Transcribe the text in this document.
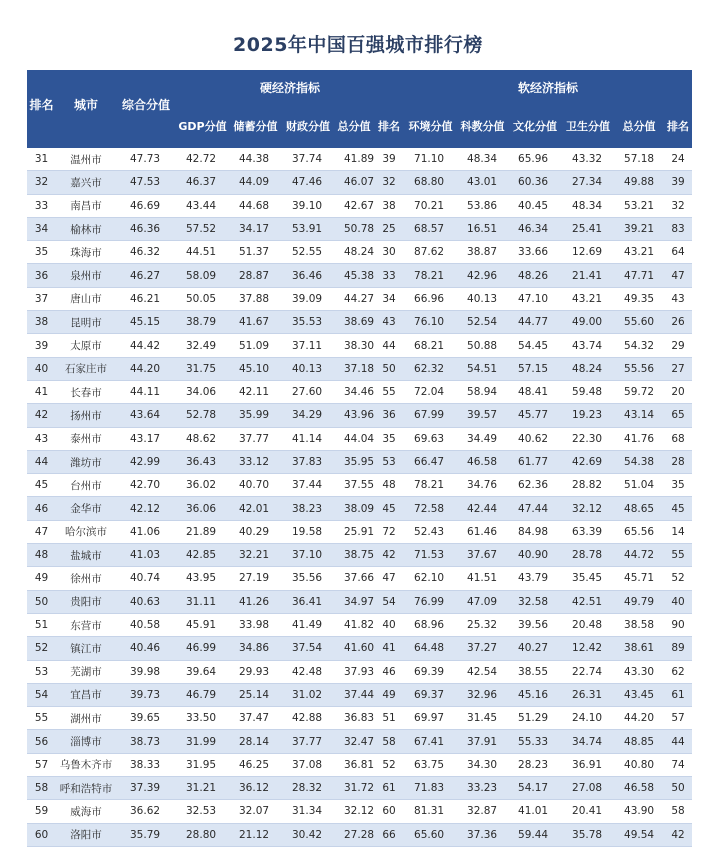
2025年中国百强城市排行榜
排名	城市	综合分值	硬经济指标					软经济指标					
			GDP分值	储蓄分值	财政分值	总分值	排名	环境分值	科教分值	文化分值	卫生分值	总分值	排名
31	温州市	47.73	42.72	44.38	37.74	41.89	39	71.10	48.34	65.96	43.32	57.18	24
32	嘉兴市	47.53	46.37	44.09	47.46	46.07	32	68.80	43.01	60.36	27.34	49.88	39
33	南昌市	46.69	43.44	44.68	39.10	42.67	38	70.21	53.86	40.45	48.34	53.21	32
34	榆林市	46.36	57.52	34.17	53.91	50.78	25	68.57	16.51	46.34	25.41	39.21	83
35	珠海市	46.32	44.51	51.37	52.55	48.24	30	87.62	38.87	33.66	12.69	43.21	64
36	泉州市	46.27	58.09	28.87	36.46	45.38	33	78.21	42.96	48.26	21.41	47.71	47
37	唐山市	46.21	50.05	37.88	39.09	44.27	34	66.96	40.13	47.10	43.21	49.35	43
38	昆明市	45.15	38.79	41.67	35.53	38.69	43	76.10	52.54	44.77	49.00	55.60	26
39	太原市	44.42	32.49	51.09	37.11	38.30	44	68.21	50.88	54.45	43.74	54.32	29
40	石家庄市	44.20	31.75	45.10	40.13	37.18	50	62.32	54.51	57.15	48.24	55.56	27
41	长春市	44.11	34.06	42.11	27.60	34.46	55	72.04	58.94	48.41	59.48	59.72	20
42	扬州市	43.64	52.78	35.99	34.29	43.96	36	67.99	39.57	45.77	19.23	43.14	65
43	泰州市	43.17	48.62	37.77	41.14	44.04	35	69.63	34.49	40.62	22.30	41.76	68
44	潍坊市	42.99	36.43	33.12	37.83	35.95	53	66.47	46.58	61.77	42.69	54.38	28
45	台州市	42.70	36.02	40.70	37.44	37.55	48	78.21	34.76	62.36	28.82	51.04	35
46	金华市	42.12	36.06	42.01	38.23	38.09	45	72.58	42.44	47.44	32.12	48.65	45
47	哈尔滨市	41.06	21.89	40.29	19.58	25.91	72	52.43	61.46	84.98	63.39	65.56	14
48	盐城市	41.03	42.85	32.21	37.10	38.75	42	71.53	37.67	40.90	28.78	44.72	55
49	徐州市	40.74	43.95	27.19	35.56	37.66	47	62.10	41.51	43.79	35.45	45.71	52
50	贵阳市	40.63	31.11	41.26	36.41	34.97	54	76.99	47.09	32.58	42.51	49.79	40
51	东营市	40.58	45.91	33.98	41.49	41.82	40	68.96	25.32	39.56	20.48	38.58	90
52	镇江市	40.46	46.99	34.86	37.54	41.60	41	64.48	37.27	40.27	12.42	38.61	89
53	芜湖市	39.98	39.64	29.93	42.48	37.93	46	69.39	42.54	38.55	22.74	43.30	62
54	宜昌市	39.73	46.79	25.14	31.02	37.44	49	69.37	32.96	45.16	26.31	43.45	61
55	湖州市	39.65	33.50	37.47	42.88	36.83	51	69.97	31.45	51.29	24.10	44.20	57
56	淄博市	38.73	31.99	28.14	37.77	32.47	58	67.41	37.91	55.33	34.74	48.85	44
57	乌鲁木齐市	38.33	31.95	46.25	37.08	36.81	52	63.75	34.30	28.23	36.91	40.80	74
58	呼和浩特市	37.39	31.21	36.12	28.32	31.72	61	71.83	33.23	54.17	27.08	46.58	50
59	威海市	36.62	32.53	32.07	31.34	32.12	60	81.31	32.87	41.01	20.41	43.90	58
60	洛阳市	35.79	28.80	21.12	30.42	27.28	66	65.60	37.36	59.44	35.78	49.54	42
